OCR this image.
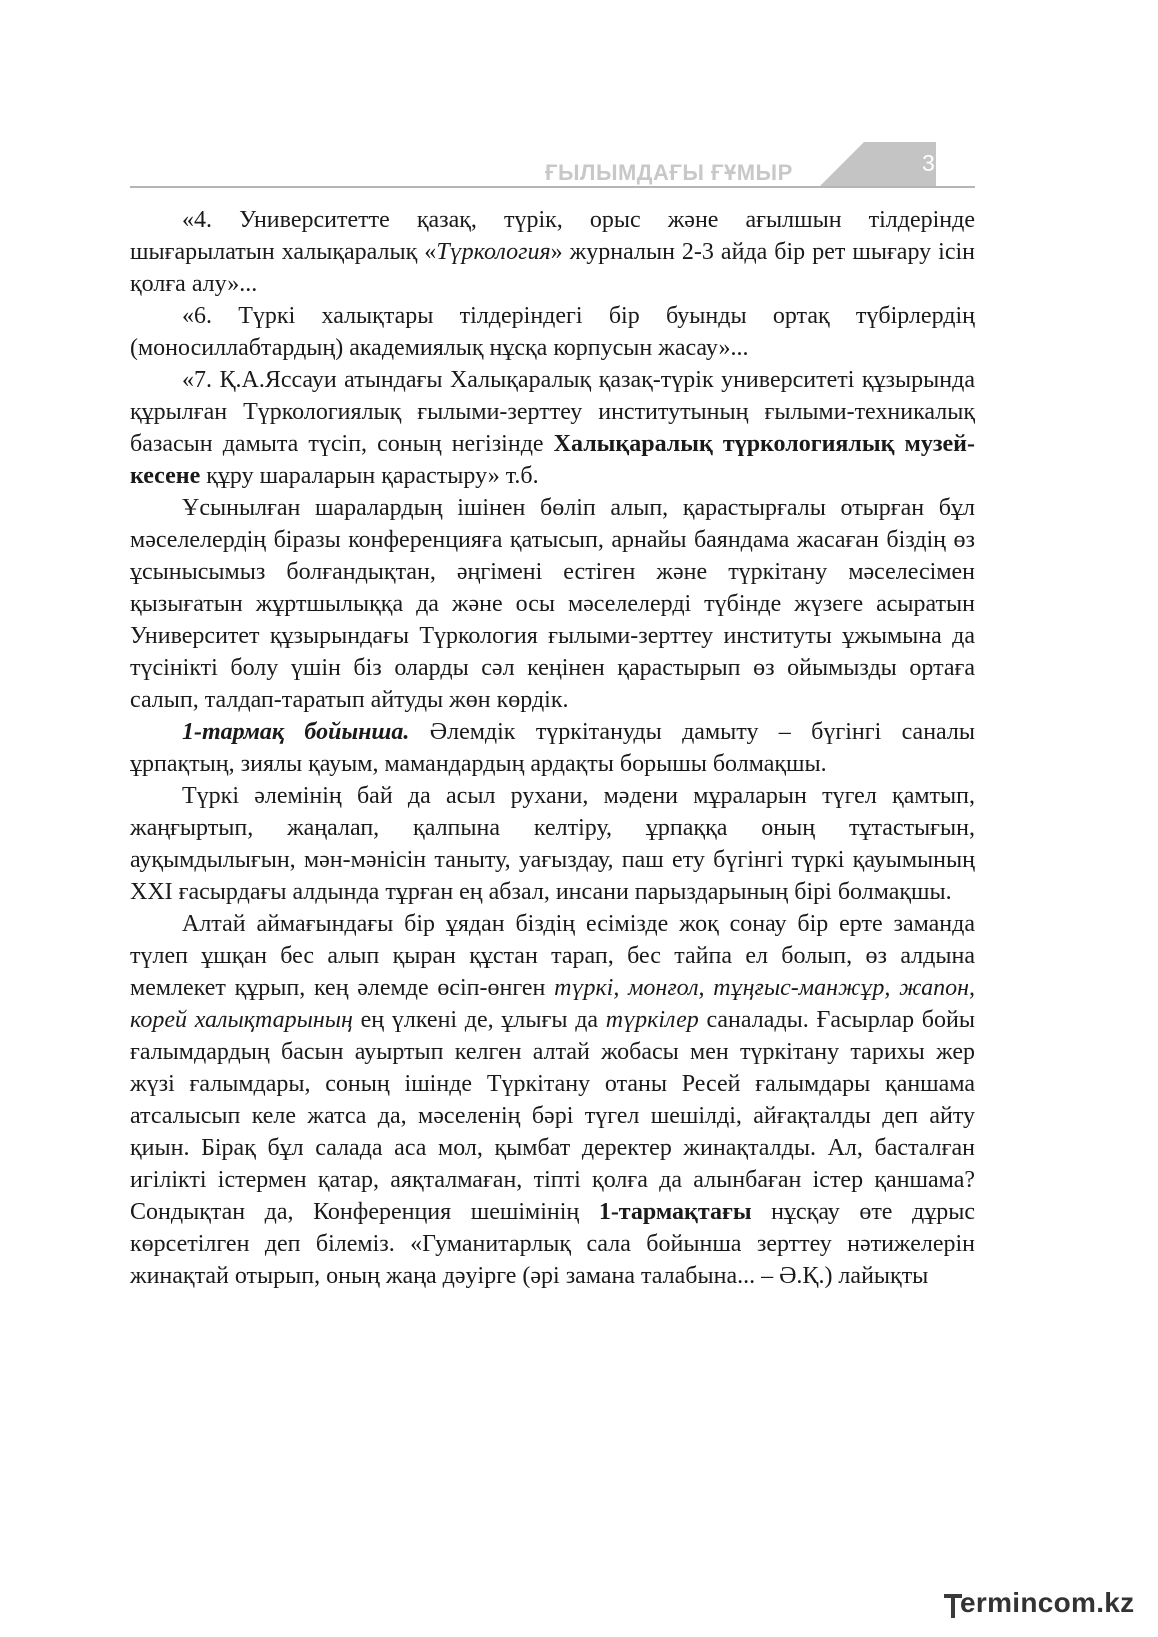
ҒЫЛЫМДАҒЫ ҒҰМЫР	37

«4. Университетте қазақ, түрік, орыс және ағылшын тілдерінде шығарылатын халықаралық «Түркология» журналын 2-3 айда бір рет шығару ісін қолға алу»...

«6. Түркі халықтары тілдеріндегі бір буынды ортақ түбірлердің (моносиллабтардың) академиялық нұсқа корпусын жасау»...

«7. Қ.А.Яссауи атындағы Халықаралық қазақ-түрік университеті құзырында құрылған Түркологиялық ғылыми-зерттеу институтының ғылыми-техникалық базасын дамыта түсіп, соның негізінде Халықаралық түркологиялық музей-кесене құру шараларын қарастыру» т.б.

Ұсынылған шаралардың ішінен бөліп алып, қарастырғалы отырған бұл мәселелердің біразы конференцияға қатысып, арнайы баяндама жасаған біздің өз ұсынысымыз болғандықтан, әңгімені естіген және түркітану мәселесімен қызығатын жұртшылыққа да және осы мәселелерді түбінде жүзеге асыратын Университет құзырындағы Түркология ғылыми-зерттеу институты ұжымына да түсінікті болу үшін біз оларды сәл кеңінен қарастырып өз ойымызды ортаға салып, талдап-таратып айтуды жөн көрдік.

1-тармақ бойынша. Әлемдік түркітануды дамыту – бүгінгі саналы ұрпақтың, зиялы қауым, мамандардың ардақты борышы болмақшы.

Түркі әлемінің бай да асыл рухани, мәдени мұраларын түгел қамтып, жаңғыртып, жаңалап, қалпына келтіру, ұрпаққа оның тұтастығын, ауқымдылығын, мән-мәнісін таныту, уағыздау, паш ету бүгінгі түркі қауымының ХХІ ғасырдағы алдында тұрған ең абзал, инсани парыздарының бірі болмақшы.

Алтай аймағындағы бір ұядан біздің есімізде жоқ сонау бір ерте заманда түлеп ұшқан бес алып қыран құстан тарап, бес тайпа ел болып, өз алдына мемлекет құрып, кең әлемде өсіп-өнген түркі, монғол, тұңғыс-манжұр, жапон, корей халықтарының ең үлкені де, ұлығы да түркілер саналады. Ғасырлар бойы ғалымдардың басын ауыртып келген алтай жобасы мен түркітану тарихы жер жүзі ғалымдары, соның ішінде Түркітану отаны Ресей ғалымдары қаншама атсалысып келе жатса да, мәселенің бәрі түгел шешілді, айғақталды деп айту қиын. Бірақ бұл салада аса мол, қымбат деректер жинақталды. Ал, басталған игілікті істермен қатар, аяқталмаған, тіпті қолға да алынбаған істер қаншама? Сондықтан да, Конференция шешімінің 1-тармақтағы нұсқау өте дұрыс көрсетілген деп білеміз. «Гуманитарлық сала бойынша зерттеу нәтижелерін жинақтай отырып, оның жаңа дәуірге (әрі замана талабына... – Ә.Қ.) лайықты

ermincom.kz
